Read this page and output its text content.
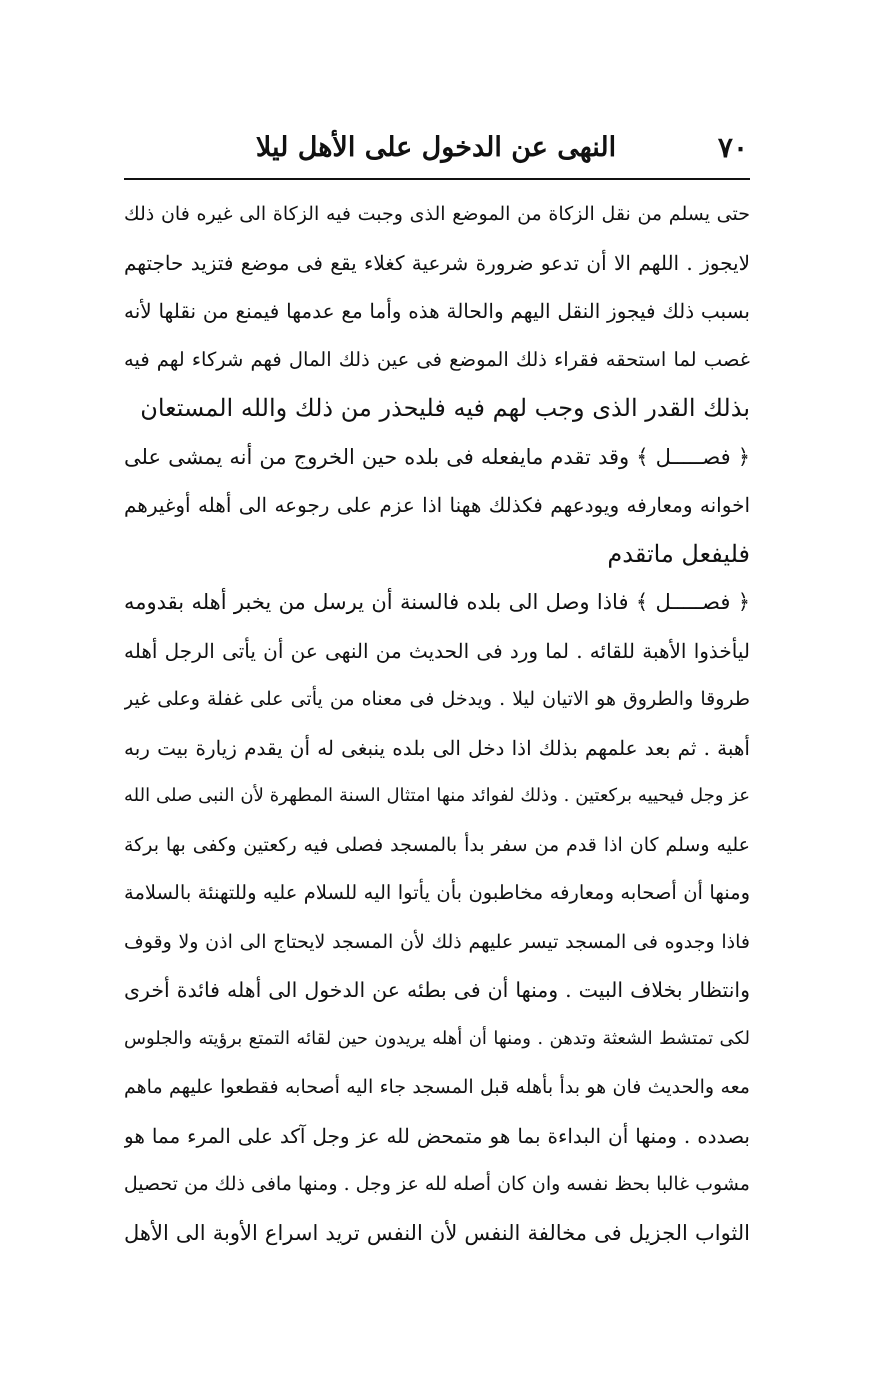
٧٠
النهى عن الدخول على الأهل ليلا
حتى يسلم من نقل الزكاة من الموضع الذى وجبت فيه الزكاة الى غيره فان ذلك
لايجوز . اللهم الا أن تدعو ضرورة شرعية كغلاء يقع فى موضع فتزيد حاجتهم
بسبب ذلك فيجوز النقل اليهم والحالة هذه وأما مع عدمها فيمنع من نقلها لأنه
غصب لما استحقه فقراء ذلك الموضع فى عين ذلك المال فهم شركاء لهم فيه
بذلك القدر الذى وجب لهم فيه فليحذر من ذلك والله المستعان
﴿ فصـــــل ﴾ وقد تقدم مايفعله فى بلده حين الخروج من أنه يمشى على
اخوانه ومعارفه ويودعهم فكذلك ههنا اذا عزم على رجوعه الى أهله أوغيرهم
فليفعل ماتقدم
﴿ فصـــــل ﴾ فاذا وصل الى بلده فالسنة أن يرسل من يخبر أهله بقدومه
ليأخذوا الأهبة للقائه . لما ورد فى الحديث من النهى عن أن يأتى الرجل أهله
طروقا والطروق هو الاتيان ليلا . ويدخل فى معناه من يأتى على غفلة وعلى غير
أهبة . ثم بعد علمهم بذلك اذا دخل الى بلده ينبغى له أن يقدم زيارة بيت ربه
عز وجل فيحييه بركعتين . وذلك لفوائد منها امتثال السنة المطهرة لأن النبى صلى الله
عليه وسلم كان اذا قدم من سفر بدأ بالمسجد فصلى فيه ركعتين وكفى بها بركة
ومنها أن أصحابه ومعارفه مخاطبون بأن يأتوا اليه للسلام عليه وللتهنئة بالسلامة
فاذا وجدوه فى المسجد تيسر عليهم ذلك لأن المسجد لايحتاج الى اذن ولا وقوف
وانتظار بخلاف البيت . ومنها أن فى بطئه عن الدخول الى أهله فائدة أخرى
لكى تمتشط الشعثة وتدهن . ومنها أن أهله يريدون حين لقائه التمتع برؤيته والجلوس
معه والحديث فان هو بدأ بأهله قبل المسجد جاء اليه أصحابه فقطعوا عليهم ماهم
بصدده . ومنها أن البداءة بما هو متمحض لله عز وجل آكد على المرء مما هو
مشوب غالبا بحظ نفسه وان كان أصله لله عز وجل . ومنها مافى ذلك من تحصيل
الثواب الجزيل فى مخالفة النفس لأن النفس تريد اسراع الأوبة الى الأهل
